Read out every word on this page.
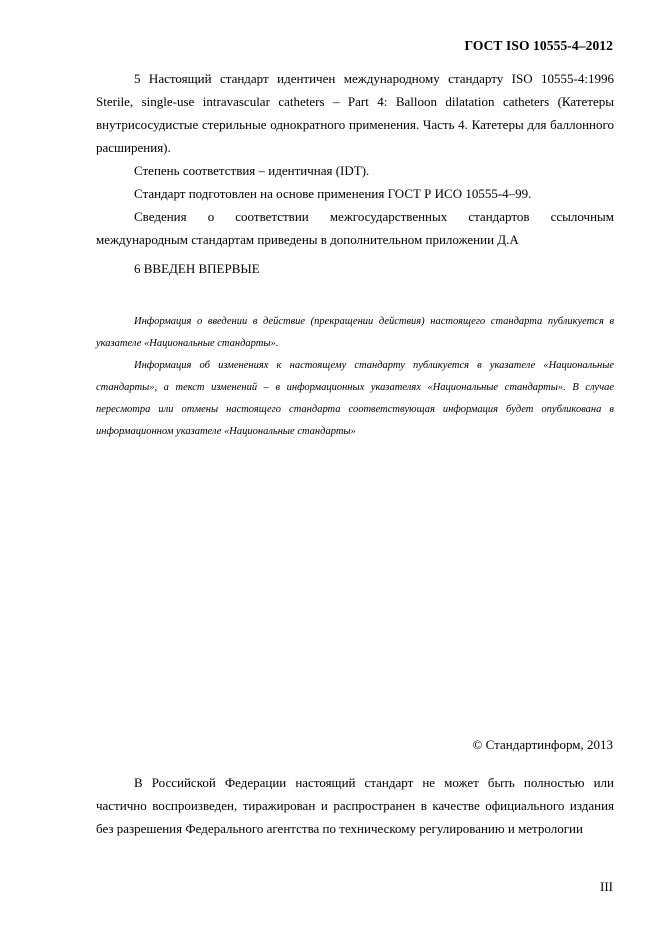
ГОСТ ISO 10555-4–2012

5 Настоящий стандарт идентичен международному стандарту ISO 10555-4:1996 Sterile, single-use intravascular catheters – Part 4: Balloon dilatation catheters (Катетеры внутрисосудистые стерильные однократного применения. Часть 4. Катетеры для баллонного расширения).

Степень соответствия – идентичная (IDT).

Стандарт подготовлен на основе применения ГОСТ Р ИСО 10555-4–99.

Сведения о соответствии межгосударственных стандартов ссылочным международным стандартам приведены в дополнительном приложении Д.А

6 ВВЕДЕН ВПЕРВЫЕ

Информация о введении в действие (прекращении действия) настоящего стандарта публикуется в указателе «Национальные стандарты».

Информация об изменениях к настоящему стандарту публикуется в указателе «Национальные стандарты», а текст изменений – в информационных указателях «Национальные стандарты». В случае пересмотра или отмены настоящего стандарта соответствующая информация будет опубликована в информационном указателе «Национальные стандарты»

© Стандартинформ, 2013

В Российской Федерации настоящий стандарт не может быть полностью или частично воспроизведен, тиражирован и распространен в качестве официального издания без разрешения Федерального агентства по техническому регулированию и метрологии

III
